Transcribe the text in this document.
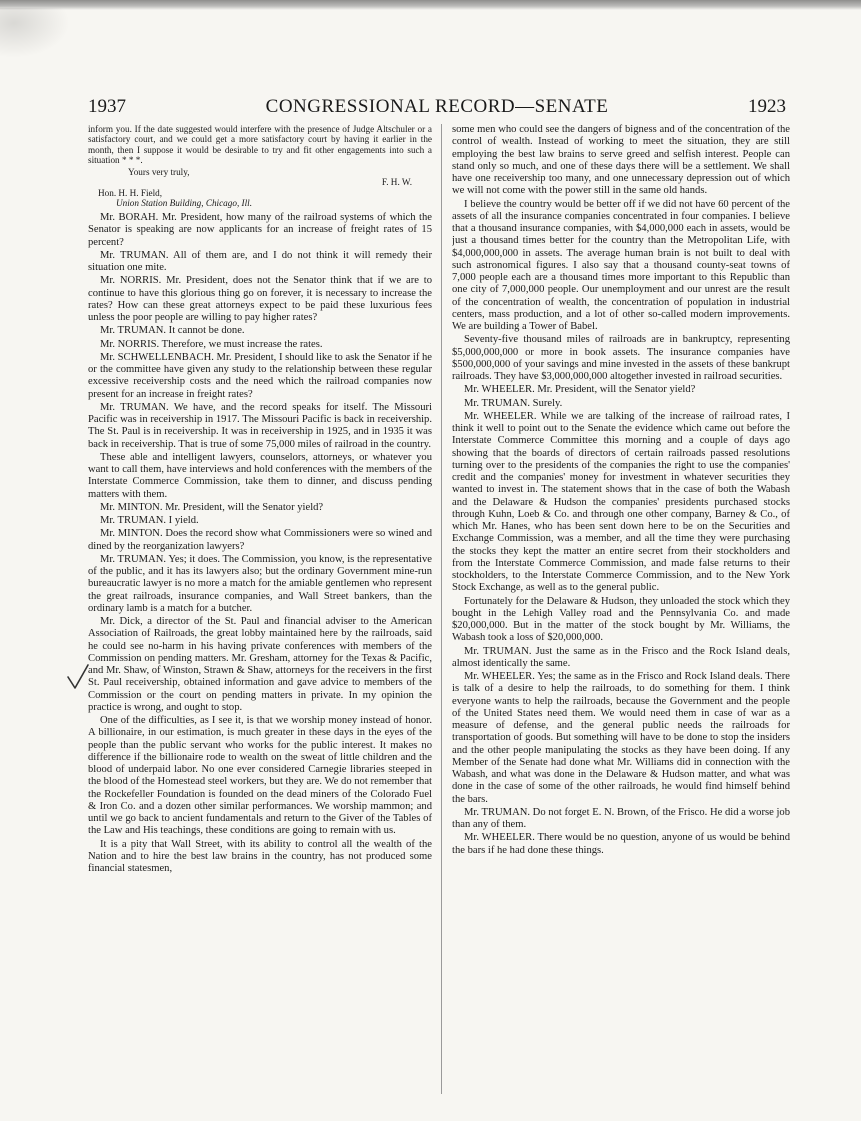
1937	CONGRESSIONAL RECORD—SENATE	1923

inform you. If the date suggested would interfere with the presence of Judge Altschuler or a satisfactory court, and we could get a more satisfactory court by having it earlier in the month, then I suppose it would be desirable to try and fit other engagements into such a situation * * *.

Yours very truly,
F. H. W.
Hon. H. H. Field,
Union Station Building, Chicago, Ill.

Mr. BORAH. Mr. President, how many of the railroad systems of which the Senator is speaking are now applicants for an increase of freight rates of 15 percent?

Mr. TRUMAN. All of them are, and I do not think it will remedy their situation one mite.

Mr. NORRIS. Mr. President, does not the Senator think that if we are to continue to have this glorious thing go on forever, it is necessary to increase the rates? How can these great attorneys expect to be paid these luxurious fees unless the poor people are willing to pay higher rates?

Mr. TRUMAN. It cannot be done.

Mr. NORRIS. Therefore, we must increase the rates.

Mr. SCHWELLENBACH. Mr. President, I should like to ask the Senator if he or the committee have given any study to the relationship between these regular excessive receivership costs and the need which the railroad companies now present for an increase in freight rates?

Mr. TRUMAN. We have, and the record speaks for itself. The Missouri Pacific was in receivership in 1917. The Missouri Pacific is back in receivership. The St. Paul is in receivership. It was in receivership in 1925, and in 1935 it was back in receivership. That is true of some 75,000 miles of railroad in the country.

These able and intelligent lawyers, counselors, attorneys, or whatever you want to call them, have interviews and hold conferences with the members of the Interstate Commerce Commission, take them to dinner, and discuss pending matters with them.

Mr. MINTON. Mr. President, will the Senator yield?

Mr. TRUMAN. I yield.

Mr. MINTON. Does the record show what Commissioners were so wined and dined by the reorganization lawyers?

Mr. TRUMAN. Yes; it does. The Commission, you know, is the representative of the public, and it has its lawyers also; but the ordinary Government mine-run bureaucratic lawyer is no more a match for the amiable gentlemen who represent the great railroads, insurance companies, and Wall Street bankers, than the ordinary lamb is a match for a butcher.

Mr. Dick, a director of the St. Paul and financial adviser to the American Association of Railroads, the great lobby maintained here by the railroads, said he could see no-harm in his having private conferences with members of the Commission on pending matters. Mr. Gresham, attorney for the Texas & Pacific, and Mr. Shaw, of Winston, Strawn & Shaw, attorneys for the receivers in the first St. Paul receivership, obtained information and gave advice to members of the Commission or the court on pending matters in private. In my opinion the practice is wrong, and ought to stop.

One of the difficulties, as I see it, is that we worship money instead of honor. A billionaire, in our estimation, is much greater in these days in the eyes of the people than the public servant who works for the public interest. It makes no difference if the billionaire rode to wealth on the sweat of little children and the blood of underpaid labor. No one ever considered Carnegie libraries steeped in the blood of the Homestead steel workers, but they are. We do not remember that the Rockefeller Foundation is founded on the dead miners of the Colorado Fuel & Iron Co. and a dozen other similar performances. We worship mammon; and until we go back to ancient fundamentals and return to the Giver of the Tables of the Law and His teachings, these conditions are going to remain with us.

It is a pity that Wall Street, with its ability to control all the wealth of the Nation and to hire the best law brains in the country, has not produced some financial statesmen,

some men who could see the dangers of bigness and of the concentration of the control of wealth. Instead of working to meet the situation, they are still employing the best law brains to serve greed and selfish interest. People can stand only so much, and one of these days there will be a settlement. We shall have one receivership too many, and one unnecessary depression out of which we will not come with the power still in the same old hands.

I believe the country would be better off if we did not have 60 percent of the assets of all the insurance companies concentrated in four companies. I believe that a thousand insurance companies, with $4,000,000 each in assets, would be just a thousand times better for the country than the Metropolitan Life, with $4,000,000,000 in assets. The average human brain is not built to deal with such astronomical figures. I also say that a thousand county-seat towns of 7,000 people each are a thousand times more important to this Republic than one city of 7,000,000 people. Our unemployment and our unrest are the result of the concentration of wealth, the concentration of population in industrial centers, mass production, and a lot of other so-called modern improvements. We are building a Tower of Babel.

Seventy-five thousand miles of railroads are in bankruptcy, representing $5,000,000,000 or more in book assets. The insurance companies have $500,000,000 of your savings and mine invested in the assets of these bankrupt railroads. They have $3,000,000,000 altogether invested in railroad securities.

Mr. WHEELER. Mr. President, will the Senator yield?

Mr. TRUMAN. Surely.

Mr. WHEELER. While we are talking of the increase of railroad rates, I think it well to point out to the Senate the evidence which came out before the Interstate Commerce Committee this morning and a couple of days ago showing that the boards of directors of certain railroads passed resolutions turning over to the presidents of the companies the right to use the companies' credit and the companies' money for investment in whatever securities they wanted to invest in. The statement shows that in the case of both the Wabash and the Delaware & Hudson the companies' presidents purchased stocks through Kuhn, Loeb & Co. and through one other company, Barney & Co., of which Mr. Hanes, who has been sent down here to be on the Securities and Exchange Commission, was a member, and all the time they were purchasing the stocks they kept the matter an entire secret from their stockholders and from the Interstate Commerce Commission, and made false returns to their stockholders, to the Interstate Commerce Commission, and to the New York Stock Exchange, as well as to the general public.

Fortunately for the Delaware & Hudson, they unloaded the stock which they bought in the Lehigh Valley road and the Pennsylvania Co. and made $20,000,000. But in the matter of the stock bought by Mr. Williams, the Wabash took a loss of $20,000,000.

Mr. TRUMAN. Just the same as in the Frisco and the Rock Island deals, almost identically the same.

Mr. WHEELER. Yes; the same as in the Frisco and Rock Island deals. There is talk of a desire to help the railroads, to do something for them. I think everyone wants to help the railroads, because the Government and the people of the United States need them. We would need them in case of war as a measure of defense, and the general public needs the railroads for transportation of goods. But something will have to be done to stop the insiders and the other people manipulating the stocks as they have been doing. If any Member of the Senate had done what Mr. Williams did in connection with the Wabash, and what was done in the Delaware & Hudson matter, and what was done in the case of some of the other railroads, he would find himself behind the bars.

Mr. TRUMAN. Do not forget E. N. Brown, of the Frisco. He did a worse job than any of them.

Mr. WHEELER. There would be no question, anyone of us would be behind the bars if he had done these things.
